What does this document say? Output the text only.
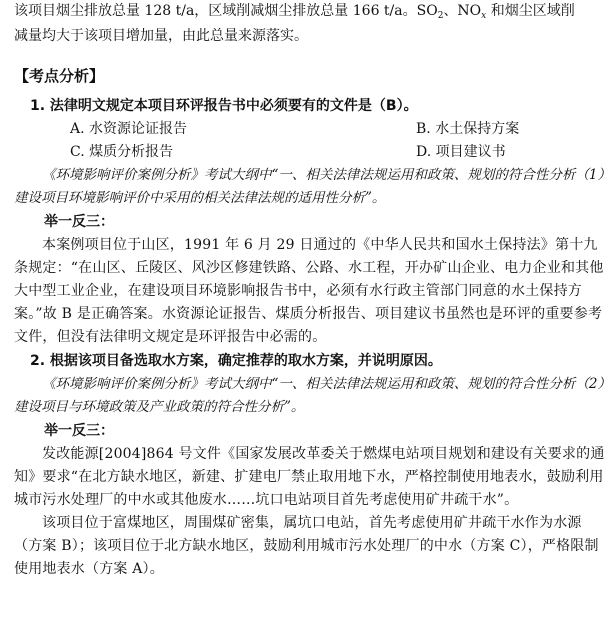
该项目烟尘排放总量 128 t/a，区域削减烟尘排放总量 166 t/a。$SO_2$、$NO_x$ 和烟尘区域削
减量均大于该项目增加量，由此总量来源落实。
【考点分析】
1. 法律明文规定本项目环评报告书中必须要有的文件是（B）。
A. 水资源论证报告	B. 水土保持方案
C. 煤质分析报告	D. 项目建议书
《环境影响评价案例分析》考试大纲中“一、相关法律法规运用和政策、规划的符合性分析（1）建设项目环境影响评价中采用的相关法律法规的适用性分析”。
举一反三：
本案例项目位于山区，1991 年 6 月 29 日通过的《中华人民共和国水土保持法》第十九条规定：“在山区、丘陵区、风沙区修建铁路、公路、水工程，开办矿山企业、电力企业和其他大中型工业企业，在建设项目环境影响报告书中，必须有水行政主管部门同意的水土保持方案。”故 B 是正确答案。水资源论证报告、煤质分析报告、项目建议书虽然也是环评的重要参考文件，但没有法律明文规定是环评报告中必需的。
2. 根据该项目备选取水方案，确定推荐的取水方案，并说明原因。
《环境影响评价案例分析》考试大纲中“一、相关法律法规运用和政策、规划的符合性分析（2）建设项目与环境政策及产业政策的符合性分析”。
举一反三：
发改能源[2004]864 号文件《国家发展改革委关于燃煤电站项目规划和建设有关要求的通知》要求“在北方缺水地区，新建、扩建电厂禁止取用地下水，严格控制使用地表水，鼓励利用城市污水处理厂的中水或其他废水……坑口电站项目首先考虑使用矿井疏干水”。
该项目位于富煤地区，周围煤矿密集，属坑口电站，首先考虑使用矿井疏干水作为水源（方案 B）；该项目位于北方缺水地区，鼓励利用城市污水处理厂的中水（方案 C），严格限制使用地表水（方案 A）。
